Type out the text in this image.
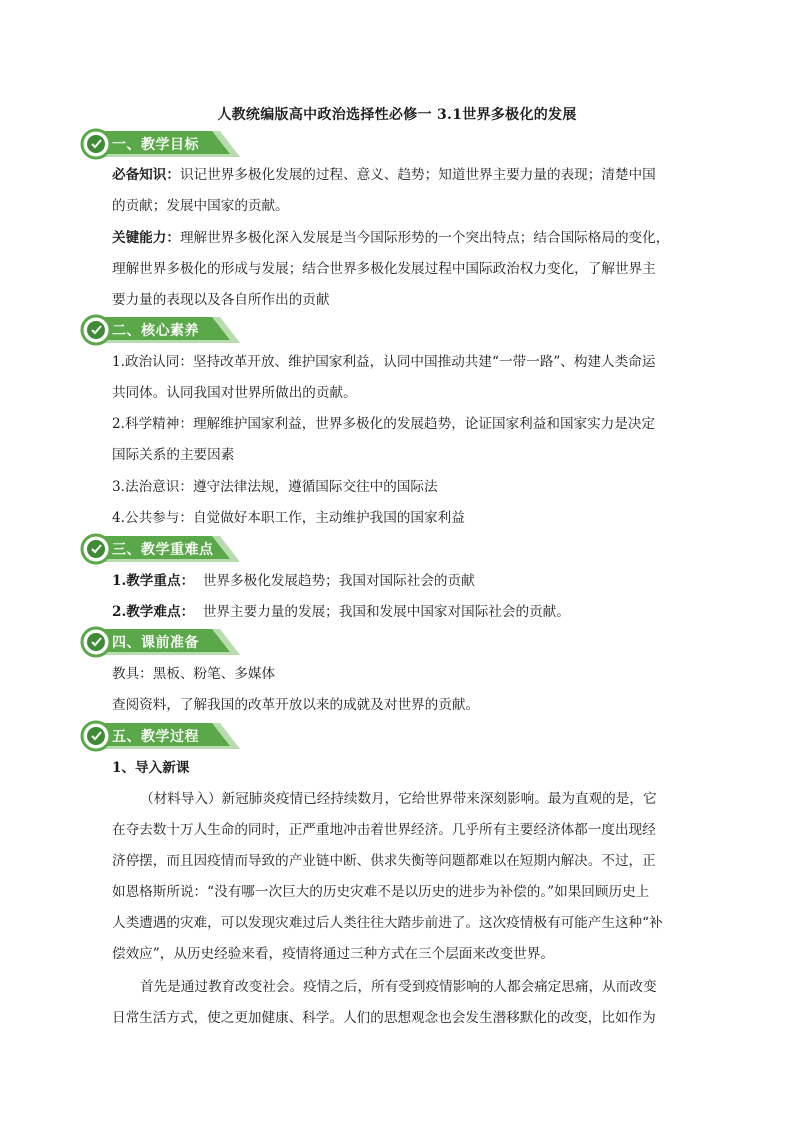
人教统编版高中政治选择性必修一 3.1世界多极化的发展
一、教学目标
必备知识：识记世界多极化发展的过程、意义、趋势；知道世界主要力量的表现；清楚中国
的贡献；发展中国家的贡献。
关键能力：理解世界多极化深入发展是当今国际形势的一个突出特点；结合国际格局的变化，
理解世界多极化的形成与发展；结合世界多极化发展过程中国际政治权力变化，了解世界主
要力量的表现以及各自所作出的贡献
二、核心素养
1.政治认同：坚持改革开放、维护国家利益，认同中国推动共建“一带一路”、构建人类命运
共同体。认同我国对世界所做出的贡献。
2.科学精神：理解维护国家利益，世界多极化的发展趋势，论证国家利益和国家实力是决定
国际关系的主要因素
3.法治意识：遵守法律法规，遵循国际交往中的国际法
4.公共参与：自觉做好本职工作，主动维护我国的国家利益
三、教学重难点
1.教学重点： 世界多极化发展趋势；我国对国际社会的贡献
2.教学难点： 世界主要力量的发展；我国和发展中国家对国际社会的贡献。
四、课前准备
教具：黑板、粉笔、多媒体
查阅资料，了解我国的改革开放以来的成就及对世界的贡献。
五、教学过程
1、导入新课
（材料导入）新冠肺炎疫情已经持续数月，它给世界带来深刻影响。最为直观的是，它
在夺去数十万人生命的同时，正严重地冲击着世界经济。几乎所有主要经济体都一度出现经
济停摆，而且因疫情而导致的产业链中断、供求失衡等问题都难以在短期内解决。不过，正
如恩格斯所说：“没有哪一次巨大的历史灾难不是以历史的进步为补偿的。”如果回顾历史上
人类遭遇的灾难，可以发现灾难过后人类往往大踏步前进了。这次疫情极有可能产生这种“补
偿效应”，从历史经验来看，疫情将通过三种方式在三个层面来改变世界。
首先是通过教育改变社会。疫情之后，所有受到疫情影响的人都会痛定思痛，从而改变
日常生活方式，使之更加健康、科学。人们的思想观念也会发生潜移默化的改变，比如作为
